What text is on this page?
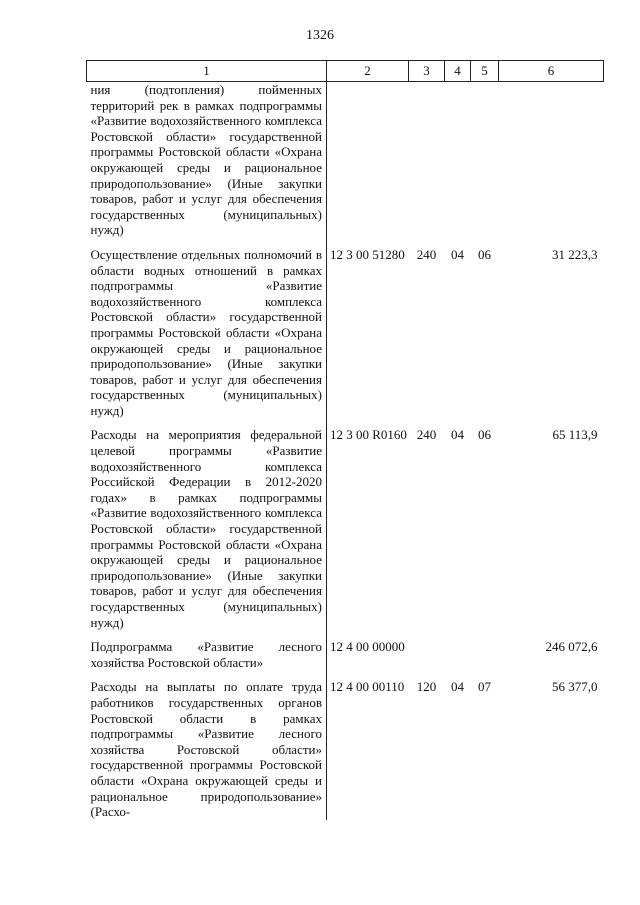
1326
1	2	3	4	5	6
ния (подтопления) пойменных территорий рек в рамках подпрограммы «Развитие водохозяйственного комплекса Ростовской области» государственной программы Ростовской области «Охрана окружающей среды и рациональное природопользование» (Иные закупки товаров, работ и услуг для обеспечения государственных (муниципальных) нужд)					
Осуществление отдельных полномочий в области водных отношений в рамках подпрограммы «Развитие водохозяйственного комплекса Ростовской области» государственной программы Ростовской области «Охрана окружающей среды и рациональное природопользование» (Иные закупки товаров, работ и услуг для обеспечения государственных (муниципальных) нужд)	12 3 00 51280	240	04	06	31 223,3
Расходы на мероприятия федеральной целевой программы «Развитие водохозяйственного комплекса Российской Федерации в 2012-2020 годах» в рамках подпрограммы «Развитие водохозяйственного комплекса Ростовской области» государственной программы Ростовской области «Охрана окружающей среды и рациональное природопользование» (Иные закупки товаров, работ и услуг для обеспечения государственных (муниципальных) нужд)	12 3 00 R0160	240	04	06	65 113,9
Подпрограмма «Развитие лесного хозяйства Ростовской области»	12 4 00 00000				246 072,6
Расходы на выплаты по оплате труда работников государственных органов Ростовской области в рамках подпрограммы «Развитие лесного хозяйства Ростовской области» государственной программы Ростовской области «Охрана окружающей среды и рациональное природопользование» (Расхо-	12 4 00 00110	120	04	07	56 377,0
